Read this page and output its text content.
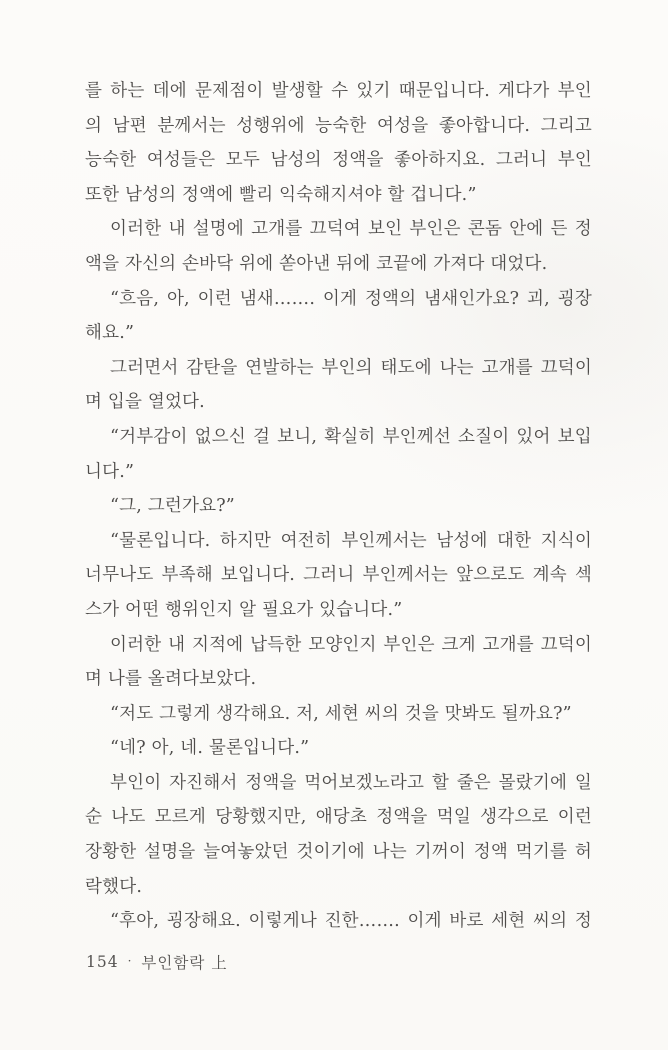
를 하는 데에 문제점이 발생할 수 있기 때문입니다. 게다가 부인
의 남편 분께서는 성행위에 능숙한 여성을 좋아합니다. 그리고
능숙한 여성들은 모두 남성의 정액을 좋아하지요. 그러니 부인
또한 남성의 정액에 빨리 익숙해지셔야 할 겁니다.”
이러한 내 설명에 고개를 끄덕여 보인 부인은 콘돔 안에 든 정
액을 자신의 손바닥 위에 쏟아낸 뒤에 코끝에 가져다 대었다.
“흐음, 아, 이런 냄새……. 이게 정액의 냄새인가요? 괴, 굉장
해요.”
그러면서 감탄을 연발하는 부인의 태도에 나는 고개를 끄덕이
며 입을 열었다.
“거부감이 없으신 걸 보니, 확실히 부인께선 소질이 있어 보입
니다.”
“그, 그런가요?”
“물론입니다. 하지만 여전히 부인께서는 남성에 대한 지식이
너무나도 부족해 보입니다. 그러니 부인께서는 앞으로도 계속 섹
스가 어떤 행위인지 알 필요가 있습니다.”
이러한 내 지적에 납득한 모양인지 부인은 크게 고개를 끄덕이
며 나를 올려다보았다.
“저도 그렇게 생각해요. 저, 세현 씨의 것을 맛봐도 될까요?”
“네? 아, 네. 물론입니다.”
부인이 자진해서 정액을 먹어보겠노라고 할 줄은 몰랐기에 일
순 나도 모르게 당황했지만, 애당초 정액을 먹일 생각으로 이런
장황한 설명을 늘여놓았던 것이기에 나는 기꺼이 정액 먹기를 허
락했다.
“후아, 굉장해요. 이렇게나 진한……. 이게 바로 세현 씨의 정
154 · 부인함락 上
